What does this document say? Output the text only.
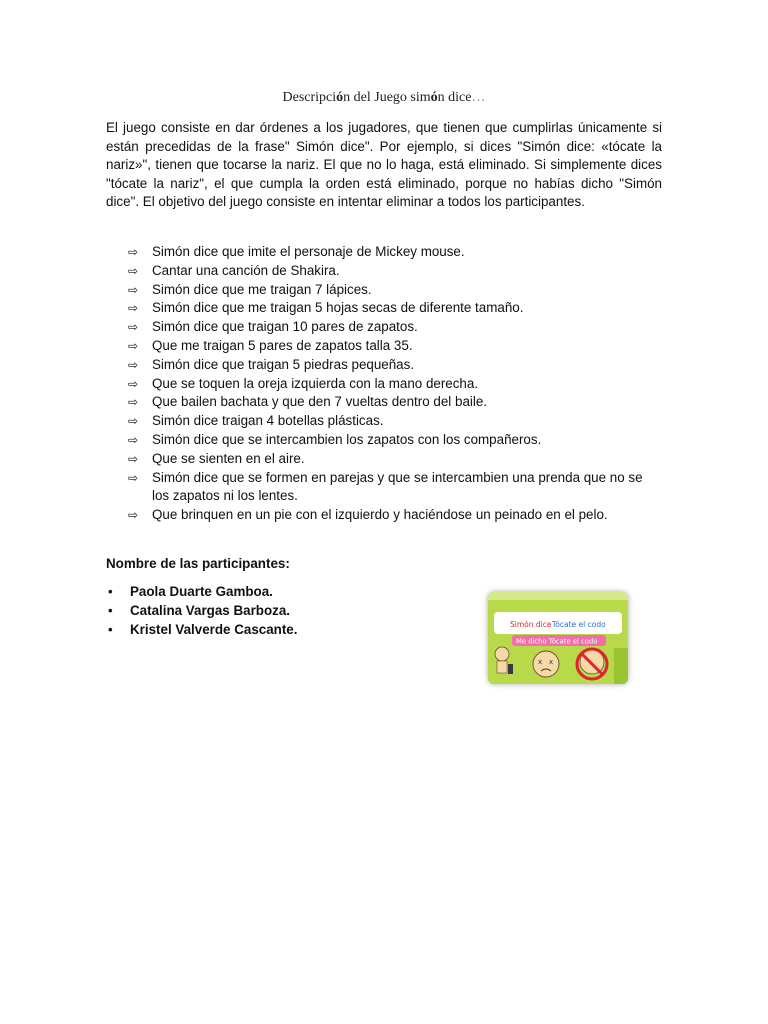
Descripción del Juego simón dice…

El juego consiste en dar órdenes a los jugadores, que tienen que cumplirlas únicamente si están precedidas de la frase" Simón dice". Por ejemplo, si dices "Simón dice: «tócate la nariz»", tienen que tocarse la nariz. El que no lo haga, está eliminado. Si simplemente dices "tócate la nariz", el que cumpla la orden está eliminado, porque no habías dicho "Simón dice". El objetivo del juego consiste en intentar eliminar a todos los participantes.

⇨ Simón dice que imite el personaje de Mickey mouse.
⇨ Cantar una canción de Shakira.
⇨ Simón dice que me traigan 7 lápices.
⇨ Simón dice que me traigan 5 hojas secas de diferente tamaño.
⇨ Simón dice que traigan 10 pares de zapatos.
⇨ Que me traigan 5 pares de zapatos talla 35.
⇨ Simón dice que traigan 5 piedras pequeñas.
⇨ Que se toquen la oreja izquierda con la mano derecha.
⇨ Que bailen bachata y que den 7 vueltas dentro del baile.
⇨ Simón dice traigan 4 botellas plásticas.
⇨ Simón dice que se intercambien los zapatos con los compañeros.
⇨ Que se sienten en el aire.
⇨ Simón dice que se formen en parejas y que se intercambien una prenda que no se los zapatos ni los lentes.
⇨ Que brinquen en un pie con el izquierdo y haciéndose un peinado en el pelo.
Nombre de las participantes:
• Paola Duarte Gamboa.
• Catalina Vargas Barboza.
• Kristel Valverde Cascante.	Simón dice Tócate el codo
Me dicho Tócate el codo
x x
